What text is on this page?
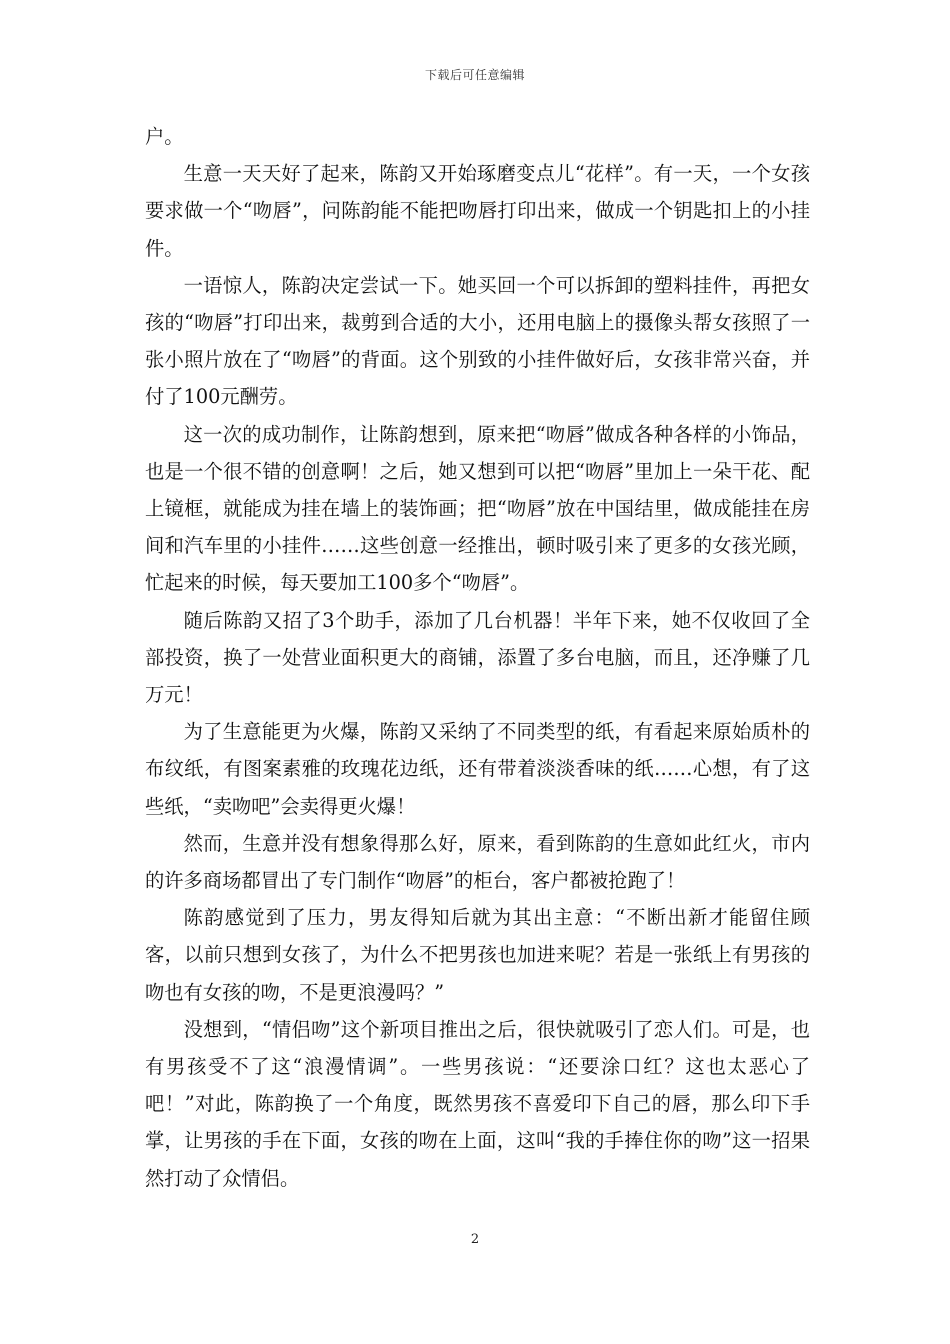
下载后可任意编辑

户。

生意一天天好了起来，陈韵又开始琢磨变点儿“花样”。有一天，一个女孩要求做一个“吻唇”，问陈韵能不能把吻唇打印出来，做成一个钥匙扣上的小挂件。

一语惊人，陈韵决定尝试一下。她买回一个可以拆卸的塑料挂件，再把女孩的“吻唇”打印出来，裁剪到合适的大小，还用电脑上的摄像头帮女孩照了一张小照片放在了“吻唇”的背面。这个别致的小挂件做好后，女孩非常兴奋，并付了100元酬劳。

这一次的成功制作，让陈韵想到，原来把“吻唇”做成各种各样的小饰品，也是一个很不错的创意啊！之后，她又想到可以把“吻唇”里加上一朵干花、配上镜框，就能成为挂在墙上的装饰画；把“吻唇”放在中国结里，做成能挂在房间和汽车里的小挂件……这些创意一经推出，顿时吸引来了更多的女孩光顾，忙起来的时候，每天要加工100多个“吻唇”。

随后陈韵又招了3个助手，添加了几台机器！半年下来，她不仅收回了全部投资，换了一处营业面积更大的商铺，添置了多台电脑，而且，还净赚了几万元！

为了生意能更为火爆，陈韵又采纳了不同类型的纸，有看起来原始质朴的布纹纸，有图案素雅的玫瑰花边纸，还有带着淡淡香味的纸……心想，有了这些纸，“卖吻吧”会卖得更火爆！

然而，生意并没有想象得那么好，原来，看到陈韵的生意如此红火，市内的许多商场都冒出了专门制作“吻唇”的柜台，客户都被抢跑了！

陈韵感觉到了压力，男友得知后就为其出主意：“不断出新才能留住顾客，以前只想到女孩了，为什么不把男孩也加进来呢？若是一张纸上有男孩的吻也有女孩的吻，不是更浪漫吗？”

没想到，“情侣吻”这个新项目推出之后，很快就吸引了恋人们。可是，也有男孩受不了这“浪漫情调”。一些男孩说：“还要涂口红？这也太恶心了吧！”对此，陈韵换了一个角度，既然男孩不喜爱印下自己的唇，那么印下手掌，让男孩的手在下面，女孩的吻在上面，这叫“我的手捧住你的吻”这一招果然打动了众情侣。

2
